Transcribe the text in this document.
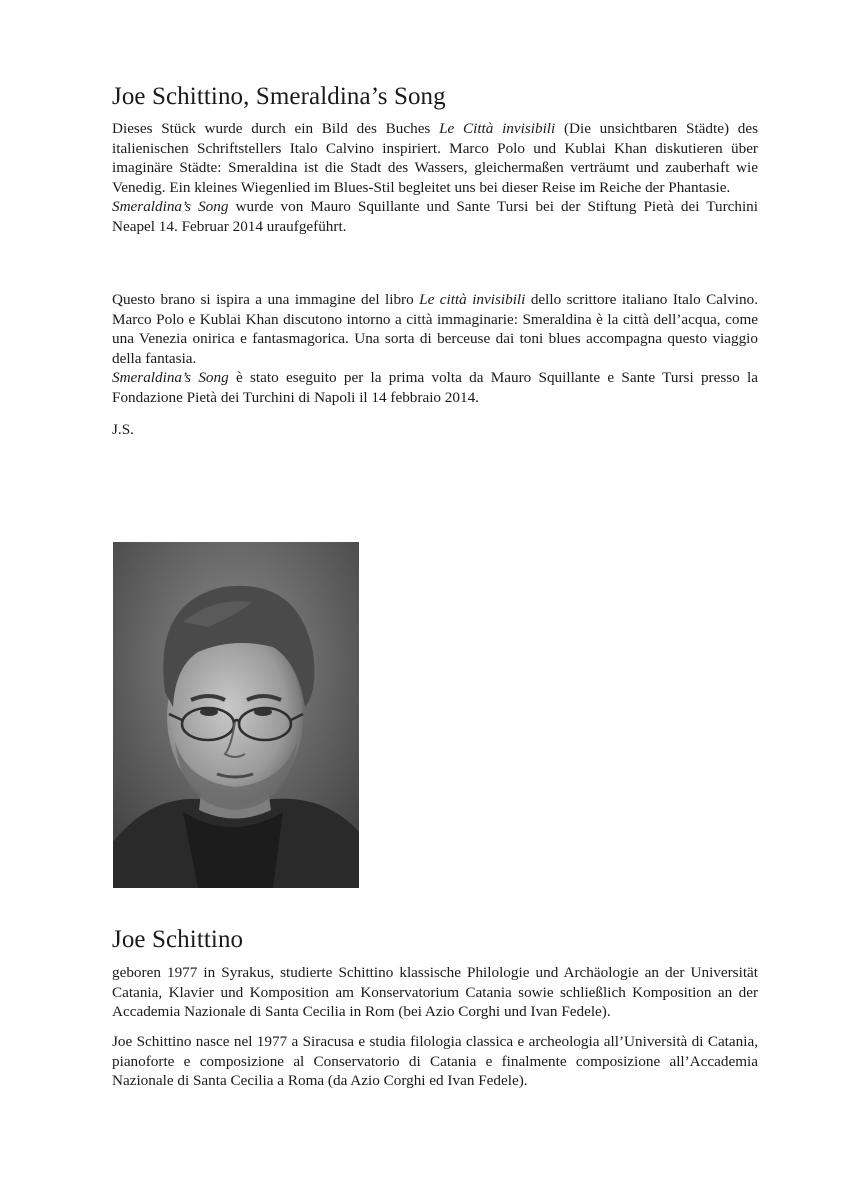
Joe Schittino, Smeraldina’s Song

Dieses Stück wurde durch ein Bild des Buches Le Città invisibili (Die unsichtbaren Städte) des italienischen Schriftstellers Italo Calvino inspiriert. Marco Polo und Kublai Khan diskutieren über imaginäre Städte: Smeraldina ist die Stadt des Wassers, gleichermaßen verträumt und zauberhaft wie Venedig. Ein kleines Wiegenlied im Blues-Stil begleitet uns bei dieser Reise im Reiche der Phantasie.

Smeraldina’s Song wurde von Mauro Squillante und Sante Tursi bei der Stiftung Pietà dei Turchini Neapel 14. Februar 2014 uraufgeführt.

Questo brano si ispira a una immagine del libro Le città invisibili dello scrittore italiano Italo Calvino. Marco Polo e Kublai Khan discutono intorno a città immaginarie: Smeraldina è la città dell’acqua, come una Venezia onirica e fantasmagorica. Una sorta di berceuse dai toni blues accompagna questo viaggio della fantasia.

Smeraldina’s Song è stato eseguito per la prima volta da Mauro Squillante e Sante Tursi presso la Fondazione Pietà dei Turchini di Napoli il 14 febbraio 2014.

J.S.

Joe Schittino

geboren 1977 in Syrakus, studierte Schittino klassische Philologie und Archäologie an der Universität Catania, Klavier und Komposition am Konservatorium Catania sowie schließlich Komposition an der Accademia Nazionale di Santa Cecilia in Rom (bei Azio Corghi und Ivan Fedele).

Joe Schittino nasce nel 1977 a Siracusa e studia filologia classica e archeologia all’Università di Catania, pianoforte e composizione al Conservatorio di Catania e finalmente composizione all’Accademia Nazionale di Santa Cecilia a Roma (da Azio Corghi ed Ivan Fedele).
